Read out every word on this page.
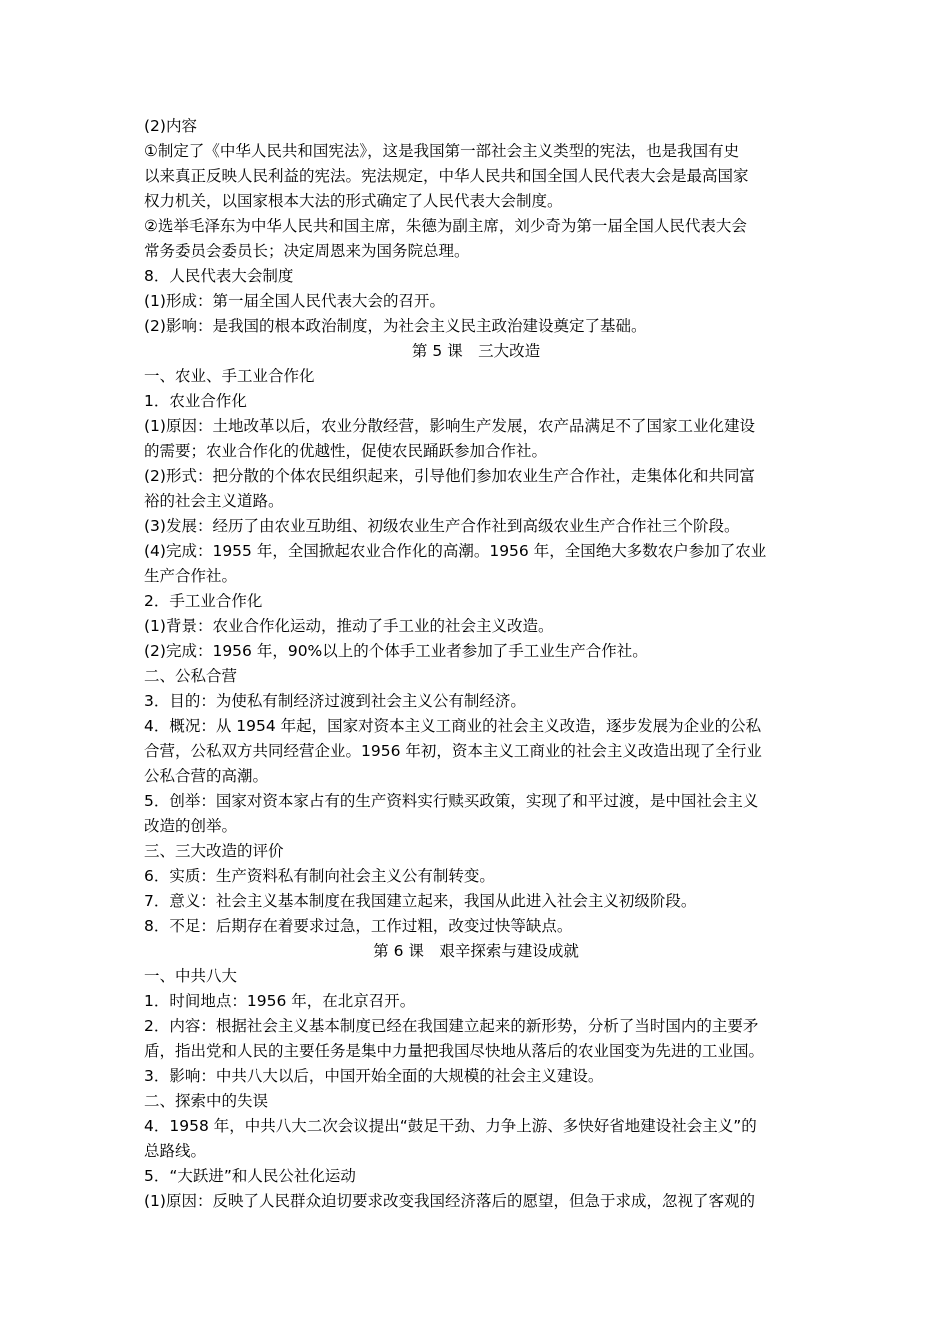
(2)内容
①制定了《中华人民共和国宪法》，这是我国第一部社会主义类型的宪法，也是我国有史
以来真正反映人民利益的宪法。宪法规定，中华人民共和国全国人民代表大会是最高国家
权力机关，以国家根本大法的形式确定了人民代表大会制度。
②选举毛泽东为中华人民共和国主席，朱德为副主席，刘少奇为第一届全国人民代表大会
常务委员会委员长；决定周恩来为国务院总理。
8．人民代表大会制度
(1)形成：第一届全国人民代表大会的召开。
(2)影响：是我国的根本政治制度，为社会主义民主政治建设奠定了基础。
第 5 课　三大改造
一、农业、手工业合作化
1．农业合作化
(1)原因：土地改革以后，农业分散经营，影响生产发展，农产品满足不了国家工业化建设
的需要；农业合作化的优越性，促使农民踊跃参加合作社。
(2)形式：把分散的个体农民组织起来，引导他们参加农业生产合作社，走集体化和共同富
裕的社会主义道路。
(3)发展：经历了由农业互助组、初级农业生产合作社到高级农业生产合作社三个阶段。
(4)完成：1955 年，全国掀起农业合作化的高潮。1956 年，全国绝大多数农户参加了农业
生产合作社。
2．手工业合作化
(1)背景：农业合作化运动，推动了手工业的社会主义改造。
(2)完成：1956 年，90%以上的个体手工业者参加了手工业生产合作社。
二、公私合营
3．目的：为使私有制经济过渡到社会主义公有制经济。
4．概况：从 1954 年起，国家对资本主义工商业的社会主义改造，逐步发展为企业的公私
合营，公私双方共同经营企业。1956 年初，资本主义工商业的社会主义改造出现了全行业
公私合营的高潮。
5．创举：国家对资本家占有的生产资料实行赎买政策，实现了和平过渡，是中国社会主义
改造的创举。
三、三大改造的评价
6．实质：生产资料私有制向社会主义公有制转变。
7．意义：社会主义基本制度在我国建立起来，我国从此进入社会主义初级阶段。
8．不足：后期存在着要求过急，工作过粗，改变过快等缺点。
第 6 课　艰辛探索与建设成就
一、中共八大
1．时间地点：1956 年，在北京召开。
2．内容：根据社会主义基本制度已经在我国建立起来的新形势，分析了当时国内的主要矛
盾，指出党和人民的主要任务是集中力量把我国尽快地从落后的农业国变为先进的工业国。
3．影响：中共八大以后，中国开始全面的大规模的社会主义建设。
二、探索中的失误
4．1958 年，中共八大二次会议提出“鼓足干劲、力争上游、多快好省地建设社会主义”的
总路线。
5．“大跃进”和人民公社化运动
(1)原因：反映了人民群众迫切要求改变我国经济落后的愿望，但急于求成，忽视了客观的
